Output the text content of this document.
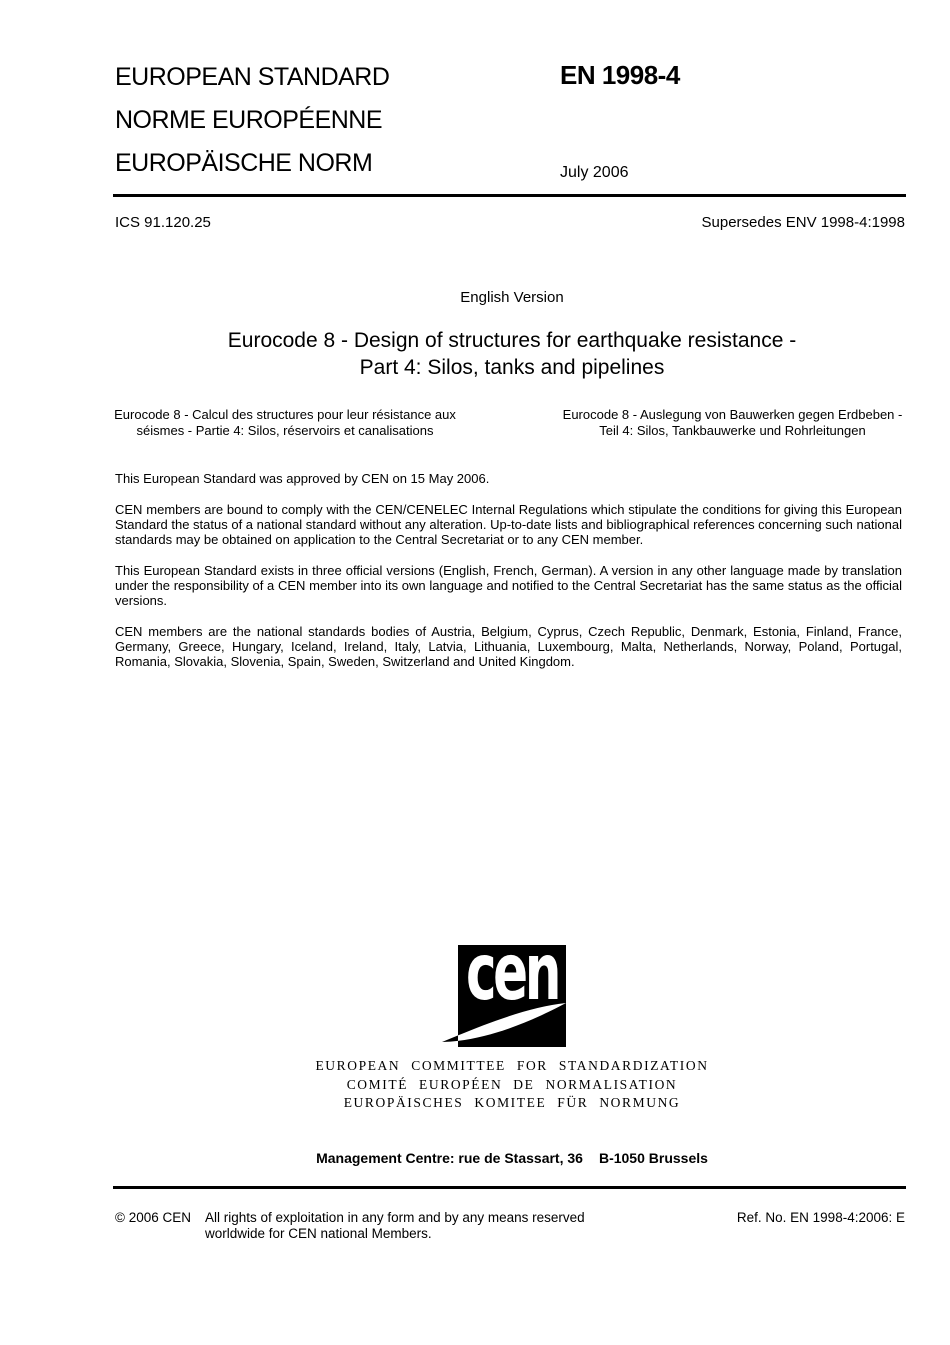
EUROPEAN STANDARD
NORME EUROPÉENNE
EUROPÄISCHE NORM
EN 1998-4
July 2006
ICS 91.120.25	Supersedes ENV 1998-4:1998
English Version
Eurocode 8 - Design of structures for earthquake resistance -
Part 4: Silos, tanks and pipelines
Eurocode 8 - Calcul des structures pour leur résistance aux
séismes - Partie 4: Silos, réservoirs et canalisations
Eurocode 8 - Auslegung von Bauwerken gegen Erdbeben -
Teil 4: Silos, Tankbauwerke und Rohrleitungen

This European Standard was approved by CEN on 15 May 2006.

CEN members are bound to comply with the CEN/CENELEC Internal Regulations which stipulate the conditions for giving this European Standard the status of a national standard without any alteration. Up-to-date lists and bibliographical references concerning such national standards may be obtained on application to the Central Secretariat or to any CEN member.

This European Standard exists in three official versions (English, French, German). A version in any other language made by translation under the responsibility of a CEN member into its own language and notified to the Central Secretariat has the same status as the official versions.

CEN members are the national standards bodies of Austria, Belgium, Cyprus, Czech Republic, Denmark, Estonia, Finland, France, Germany, Greece, Hungary, Iceland, Ireland, Italy, Latvia, Lithuania, Luxembourg, Malta, Netherlands, Norway, Poland, Portugal, Romania, Slovakia, Slovenia, Spain, Sweden, Switzerland and United Kingdom.

cen
EUROPEAN COMMITTEE FOR STANDARDIZATION
COMITÉ EUROPÉEN DE NORMALISATION
EUROPÄISCHES KOMITEE FÜR NORMUNG
Management Centre: rue de Stassart, 36 B-1050 Brussels
© 2006 CEN All rights of exploitation in any form and by any means reserved
worldwide for CEN national Members.
Ref. No. EN 1998-4:2006: E
